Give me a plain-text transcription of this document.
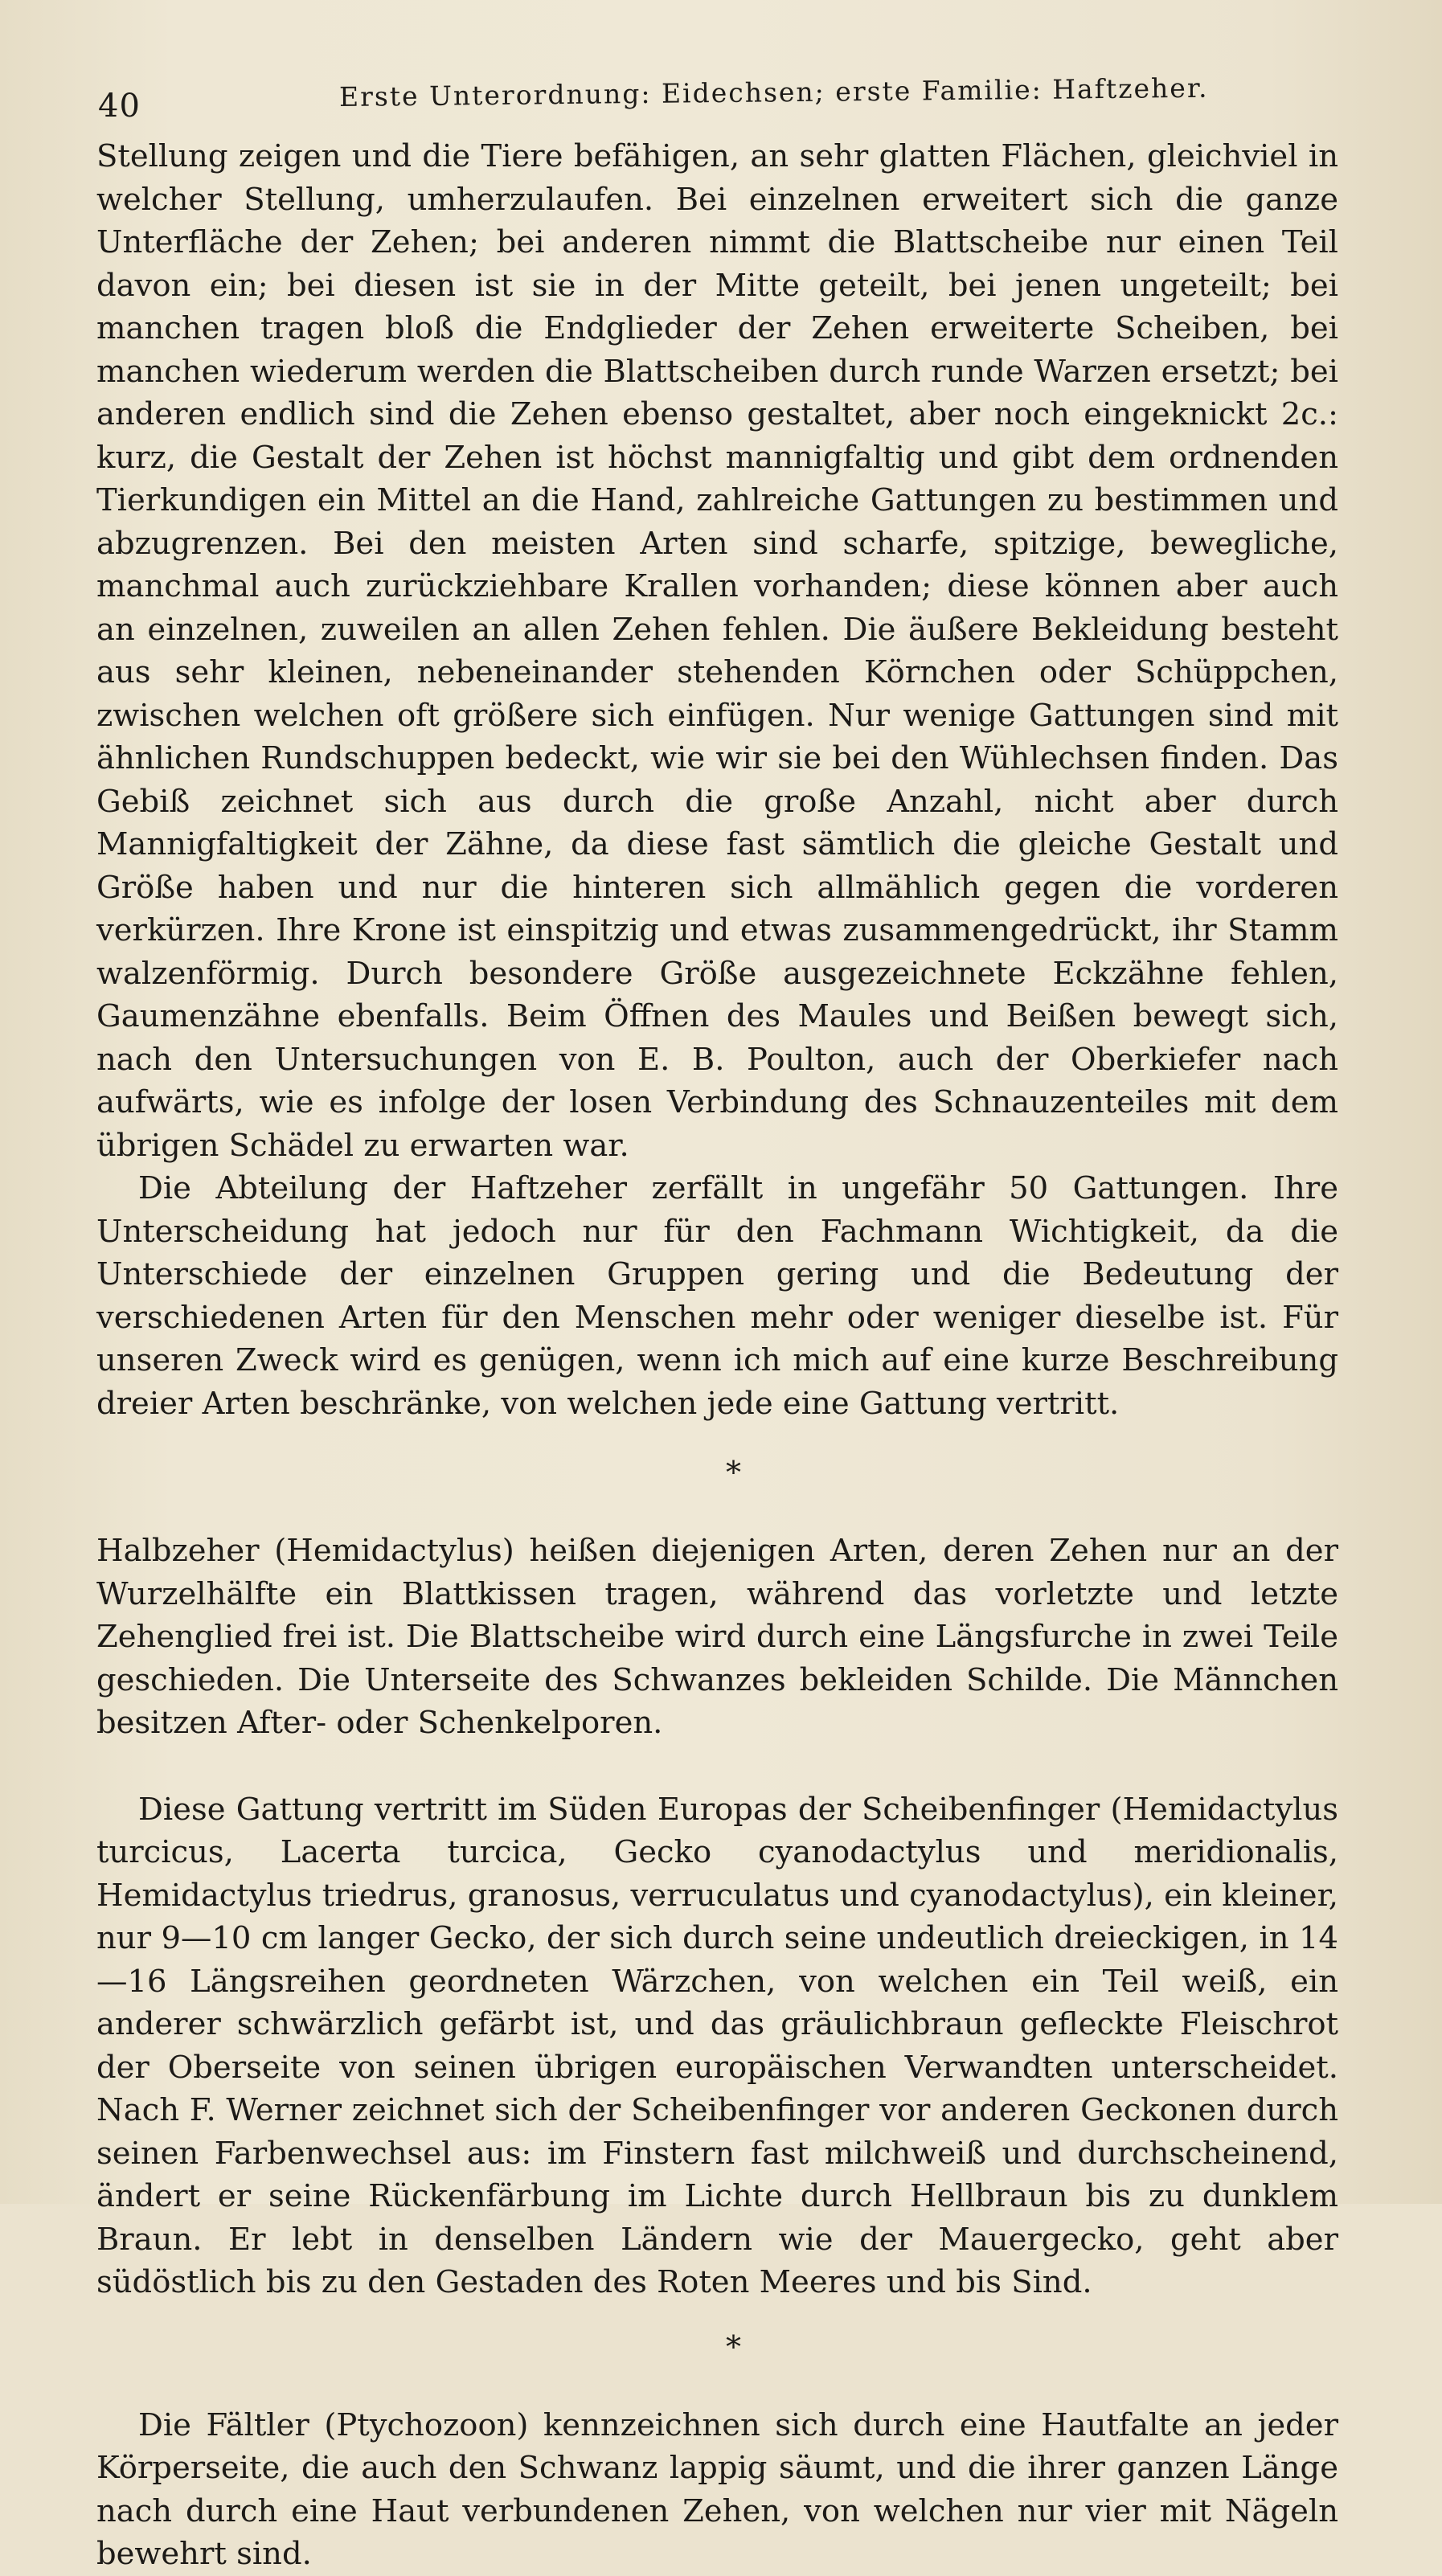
40	Erste Unterordnung: Eidechsen; erste Familie: Haftzeher.

Stellung zeigen und die Tiere befähigen, an sehr glatten Flächen, gleichviel in welcher Stellung, umherzulaufen. Bei einzelnen erweitert sich die ganze Unterfläche der Zehen; bei anderen nimmt die Blattscheibe nur einen Teil davon ein; bei diesen ist sie in der Mitte geteilt, bei jenen ungeteilt; bei manchen tragen bloß die Endglieder der Zehen erweiterte Scheiben, bei manchen wiederum werden die Blattscheiben durch runde Warzen ersetzt; bei anderen endlich sind die Zehen ebenso gestaltet, aber noch eingeknickt 2c.: kurz, die Gestalt der Zehen ist höchst mannigfaltig und gibt dem ordnenden Tierkundigen ein Mittel an die Hand, zahlreiche Gattungen zu bestimmen und abzugrenzen. Bei den meisten Arten sind scharfe, spitzige, bewegliche, manchmal auch zurückziehbare Krallen vorhanden; diese können aber auch an einzelnen, zuweilen an allen Zehen fehlen. Die äußere Bekleidung besteht aus sehr kleinen, nebeneinander stehenden Körnchen oder Schüppchen, zwischen welchen oft größere sich einfügen. Nur wenige Gattungen sind mit ähnlichen Rundschuppen bedeckt, wie wir sie bei den Wühlechsen finden. Das Gebiß zeichnet sich aus durch die große Anzahl, nicht aber durch Mannigfaltigkeit der Zähne, da diese fast sämtlich die gleiche Gestalt und Größe haben und nur die hinteren sich allmählich gegen die vorderen verkürzen. Ihre Krone ist einspitzig und etwas zusammengedrückt, ihr Stamm walzenförmig. Durch besondere Größe ausgezeichnete Eckzähne fehlen, Gaumenzähne ebenfalls. Beim Öffnen des Maules und Beißen bewegt sich, nach den Untersuchungen von E. B. Poulton, auch der Oberkiefer nach aufwärts, wie es infolge der losen Verbindung des Schnauzenteiles mit dem übrigen Schädel zu erwarten war.

Die Abteilung der Haftzeher zerfällt in ungefähr 50 Gattungen. Ihre Unterscheidung hat jedoch nur für den Fachmann Wichtigkeit, da die Unterschiede der einzelnen Gruppen gering und die Bedeutung der verschiedenen Arten für den Menschen mehr oder weniger dieselbe ist. Für unseren Zweck wird es genügen, wenn ich mich auf eine kurze Beschreibung dreier Arten beschränke, von welchen jede eine Gattung vertritt.

*

Halbzeher (Hemidactylus) heißen diejenigen Arten, deren Zehen nur an der Wurzelhälfte ein Blattkissen tragen, während das vorletzte und letzte Zehenglied frei ist. Die Blattscheibe wird durch eine Längsfurche in zwei Teile geschieden. Die Unterseite des Schwanzes bekleiden Schilde. Die Männchen besitzen After- oder Schenkelporen.

Diese Gattung vertritt im Süden Europas der Scheibenfinger (Hemidactylus turcicus, Lacerta turcica, Gecko cyanodactylus und meridionalis, Hemidactylus triedrus, granosus, verruculatus und cyanodactylus), ein kleiner, nur 9—10 cm langer Gecko, der sich durch seine undeutlich dreieckigen, in 14—16 Längsreihen geordneten Wärzchen, von welchen ein Teil weiß, ein anderer schwärzlich gefärbt ist, und das gräulichbraun gefleckte Fleischrot der Oberseite von seinen übrigen europäischen Verwandten unterscheidet. Nach F. Werner zeichnet sich der Scheibenfinger vor anderen Geckonen durch seinen Farbenwechsel aus: im Finstern fast milchweiß und durchscheinend, ändert er seine Rückenfärbung im Lichte durch Hellbraun bis zu dunklem Braun. Er lebt in denselben Ländern wie der Mauergecko, geht aber südöstlich bis zu den Gestaden des Roten Meeres und bis Sind.

*

Die Fältler (Ptychozoon) kennzeichnen sich durch eine Hautfalte an jeder Körperseite, die auch den Schwanz lappig säumt, und die ihrer ganzen Länge nach durch eine Haut verbundenen Zehen, von welchen nur vier mit Nägeln bewehrt sind.
